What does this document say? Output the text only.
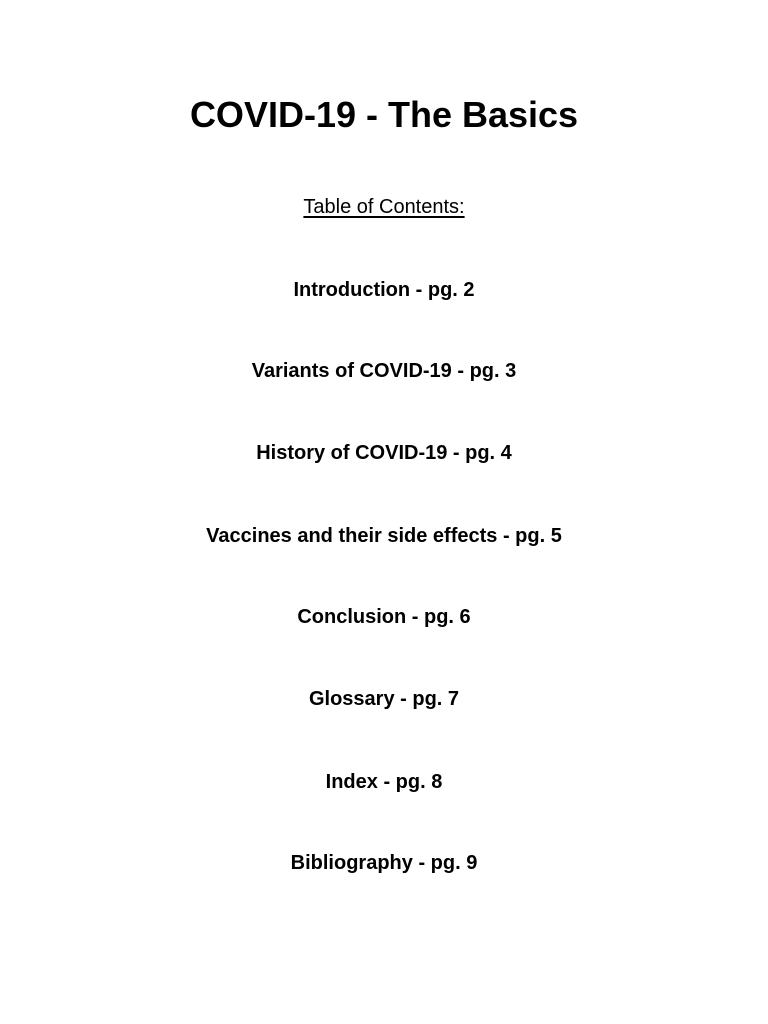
COVID-19 - The Basics

Table of Contents:

Introduction - pg. 2
Variants of COVID-19 - pg. 3
History of COVID-19 - pg. 4
Vaccines and their side effects - pg. 5
Conclusion - pg. 6
Glossary - pg. 7
Index - pg. 8
Bibliography - pg. 9
